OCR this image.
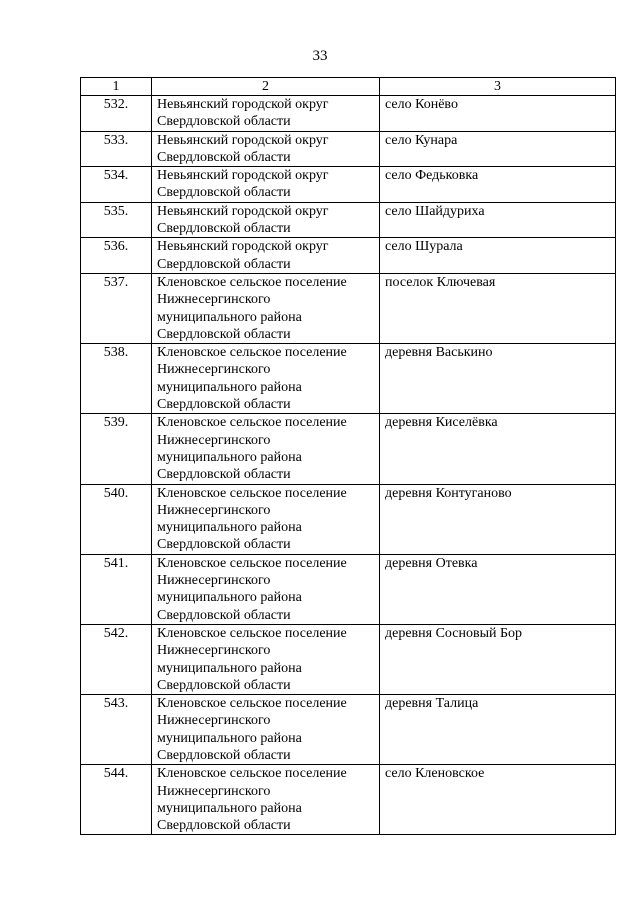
33
1	2	3
532.	Невьянский городской округ
Свердловской области	село Конёво
533.	Невьянский городской округ
Свердловской области	село Кунара
534.	Невьянский городской округ
Свердловской области	село Федьковка
535.	Невьянский городской округ
Свердловской области	село Шайдуриха
536.	Невьянский городской округ
Свердловской области	село Шурала
537.	Кленовское сельское поселение
Нижнесергинского
муниципального района
Свердловской области	поселок Ключевая
538.	Кленовское сельское поселение
Нижнесергинского
муниципального района
Свердловской области	деревня Васькино
539.	Кленовское сельское поселение
Нижнесергинского
муниципального района
Свердловской области	деревня Киселёвка
540.	Кленовское сельское поселение
Нижнесергинского
муниципального района
Свердловской области	деревня Контуганово
541.	Кленовское сельское поселение
Нижнесергинского
муниципального района
Свердловской области	деревня Отевка
542.	Кленовское сельское поселение
Нижнесергинского
муниципального района
Свердловской области	деревня Сосновый Бор
543.	Кленовское сельское поселение
Нижнесергинского
муниципального района
Свердловской области	деревня Талица
544.	Кленовское сельское поселение
Нижнесергинского
муниципального района
Свердловской области	село Кленовское
